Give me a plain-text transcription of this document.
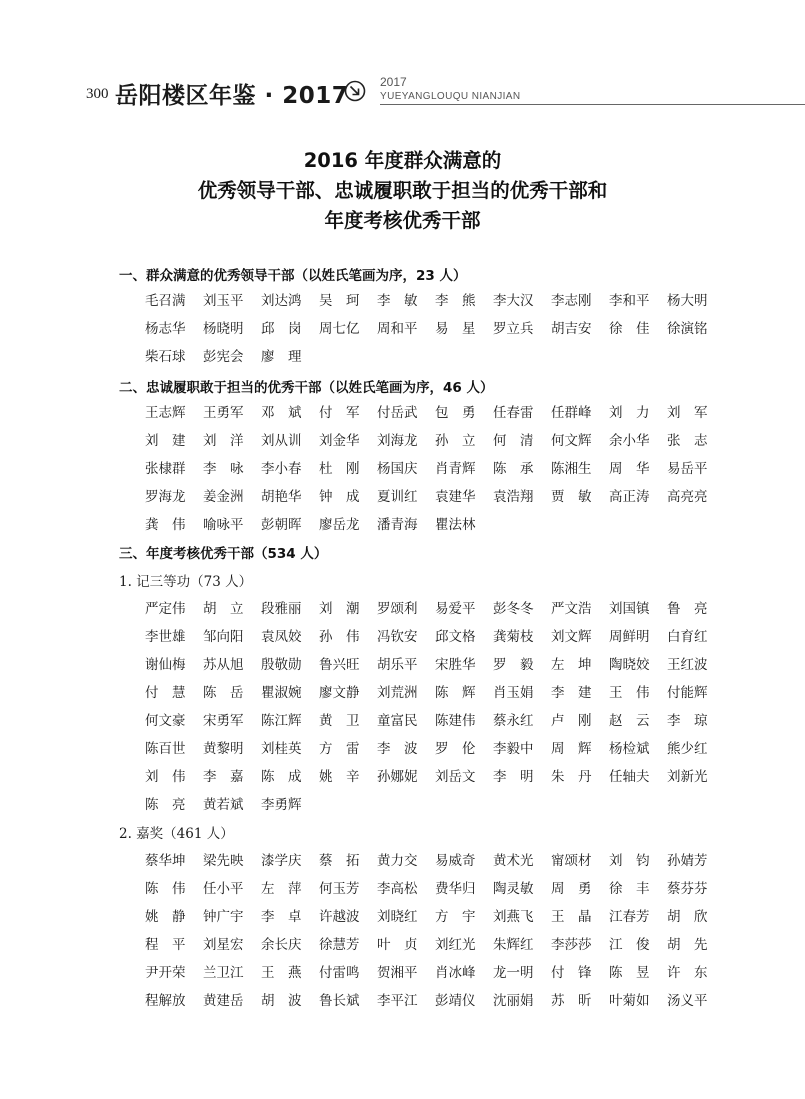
300 岳阳楼区年鉴 · 2017
2017
YUEYANGLOUQU NIANJIAN
2016 年度群众满意的
优秀领导干部、忠诚履职敢于担当的优秀干部和
年度考核优秀干部
一、群众满意的优秀领导干部（以姓氏笔画为序，23 人）
毛召满	刘玉平	刘达鸿	吴　珂	李　敏	李　熊	李大汉	李志刚	李和平	杨大明
杨志华	杨晓明	邱　岗	周七亿	周和平	易　星	罗立兵	胡吉安	徐　佳	徐演铭
柴石球	彭宪会	廖　理
二、忠诚履职敢于担当的优秀干部（以姓氏笔画为序，46 人）
王志辉	王勇军	邓　斌	付　军	付岳武	包　勇	任春雷	任群峰	刘　力	刘　军
刘　建	刘　洋	刘从训	刘金华	刘海龙	孙　立	何　清	何文辉	余小华	张　志
张棣群	李　咏	李小春	杜　刚	杨国庆	肖青辉	陈　承	陈湘生	周　华	易岳平
罗海龙	姜金洲	胡艳华	钟　成	夏训红	袁建华	袁浩翔	贾　敏	高正涛	高亮亮
龚　伟	喻咏平	彭朝晖	廖岳龙	潘青海	瞿法林
三、年度考核优秀干部（534 人）
1. 记三等功（73 人）
严定伟	胡　立	段雅丽	刘　潮	罗颂利	易爱平	彭冬冬	严文浩	刘国镇	鲁　亮
李世雄	邹向阳	袁凤姣	孙　伟	冯钦安	邱文格	龚菊枝	刘文辉	周鲜明	白育红
谢仙梅	苏从旭	殷敬勋	鲁兴旺	胡乐平	宋胜华	罗　毅	左　坤	陶晓姣	王红波
付　慧	陈　岳	瞿淑婉	廖文静	刘荒洲	陈　辉	肖玉娟	李　建	王　伟	付能辉
何文豪	宋勇军	陈江辉	黄　卫	童富民	陈建伟	蔡永红	卢　刚	赵　云	李　琼
陈百世	黄黎明	刘桂英	方　雷	李　波	罗　伦	李毅中	周　辉	杨检斌	熊少红
刘　伟	李　嘉	陈　成	姚　辛	孙娜妮	刘岳文	李　明	朱　丹	任轴夫	刘新光
陈　亮	黄若斌	李勇辉
2. 嘉奖（461 人）
蔡华坤	梁先映	漆学庆	蔡　拓	黄力交	易威奇	黄术光	甯颂材	刘　钧	孙婧芳
陈　伟	任小平	左　萍	何玉芳	李高松	费华归	陶灵敏	周　勇	徐　丰	蔡芬芬
姚　静	钟广宇	李　卓	许越波	刘晓红	方　宇	刘燕飞	王　晶	江春芳	胡　欣
程　平	刘星宏	余长庆	徐慧芳	叶　贞	刘红光	朱辉红	李莎莎	江　俊	胡　先
尹开荣	兰卫江	王　燕	付雷鸣	贺湘平	肖冰峰	龙一明	付　锋	陈　昱	许　东
程解放	黄建岳	胡　波	鲁长斌	李平江	彭靖仪	沈丽娟	苏　昕	叶菊如	汤义平
